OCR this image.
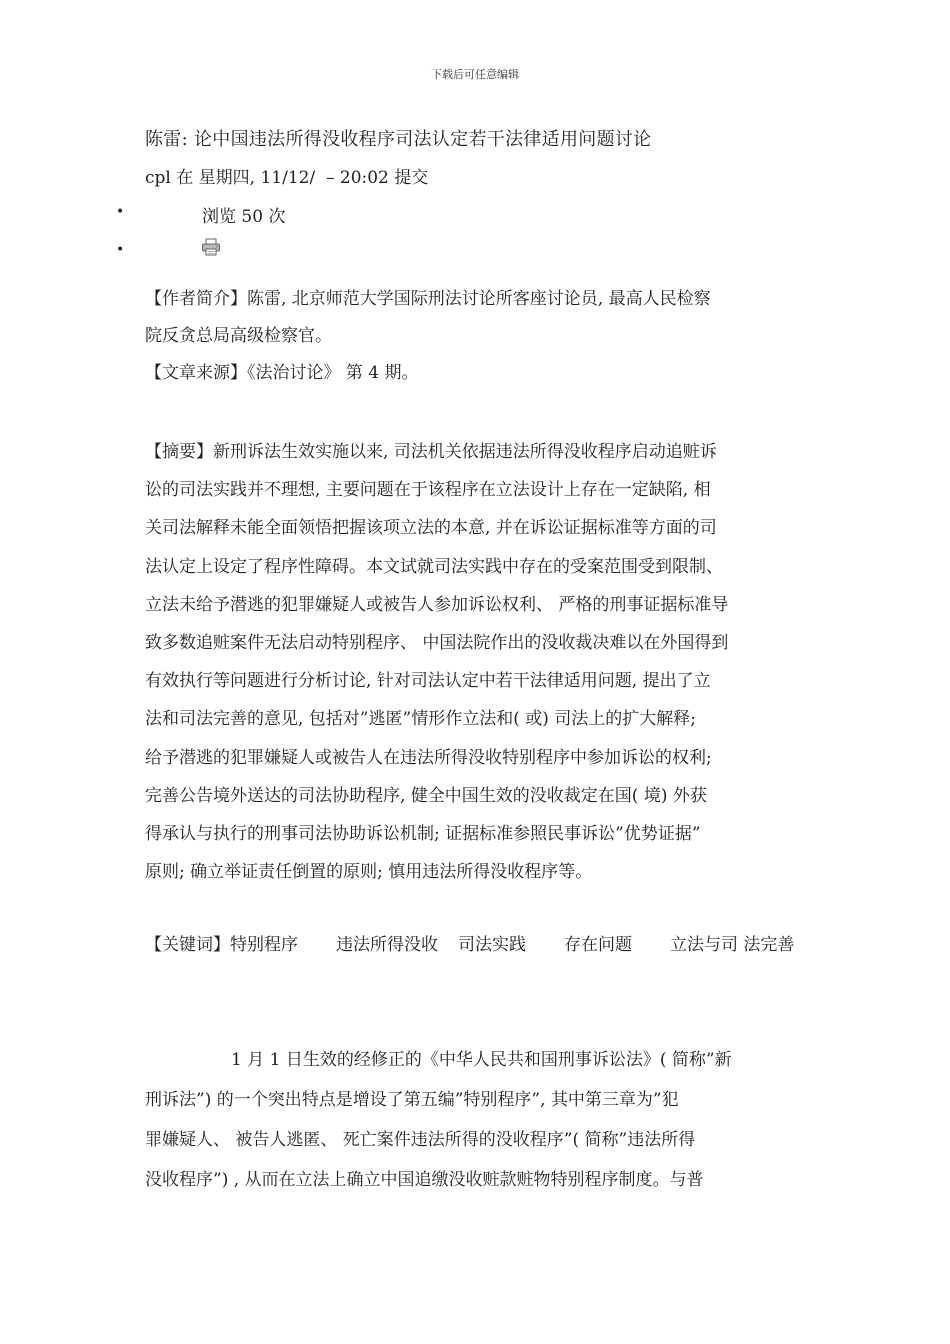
下载后可任意编辑
陈雷: 论中国违法所得没收程序司法认定若干法律适用问题讨论
cpl 在 星期四, 11/12/  – 20:02 提交
•	浏览 50 次
•
【作者简介】陈雷, 北京师范大学国际刑法讨论所客座讨论员, 最高人民检察
院反贪总局高级检察官。
【文章来源】《法治讨论》 第 4 期。
【摘要】新刑诉法生效实施以来, 司法机关依据违法所得没收程序启动追赃诉
讼的司法实践并不理想, 主要问题在于该程序在立法设计上存在一定缺陷, 相
关司法解释未能全面领悟把握该项立法的本意, 并在诉讼证据标准等方面的司
法认定上设定了程序性障碍。本文试就司法实践中存在的受案范围受到限制、
立法未给予潜逃的犯罪嫌疑人或被告人参加诉讼权利、 严格的刑事证据标准导
致多数追赃案件无法启动特别程序、 中国法院作出的没收裁决难以在外国得到
有效执行等问题进行分析讨论, 针对司法认定中若干法律适用问题, 提出了立
法和司法完善的意见, 包括对”逃匿”情形作立法和( 或) 司法上的扩大解释;
给予潜逃的犯罪嫌疑人或被告人在违法所得没收特别程序中参加诉讼的权利;
完善公告境外送达的司法协助程序, 健全中国生效的没收裁定在国( 境) 外获
得承认与执行的刑事司法协助诉讼机制; 证据标准参照民事诉讼”优势证据”
原则; 确立举证责任倒置的原则; 慎用违法所得没收程序等。
【关键词】特别程序 违法所得没收 司法实践 存在问题 立法与司 法完善
1 月 1 日生效的经修正的《中华人民共和国刑事诉讼法》( 简称”新
刑诉法”) 的一个突出特点是增设了第五编”特别程序”, 其中第三章为”犯
罪嫌疑人、 被告人逃匿、 死亡案件违法所得的没收程序”( 简称”违法所得
没收程序”) , 从而在立法上确立中国追缴没收赃款赃物特别程序制度。与普
